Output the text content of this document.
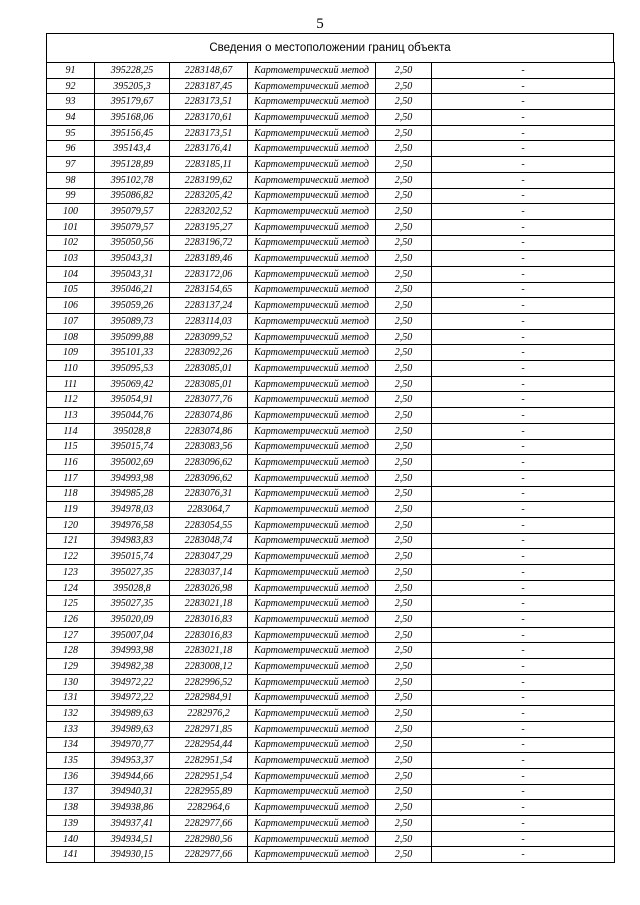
5
Сведения о местоположении границ объекта
91	395228,25	2283148,67	Картометрический метод	2,50	-
92	395205,3	2283187,45	Картометрический метод	2,50	-
93	395179,67	2283173,51	Картометрический метод	2,50	-
94	395168,06	2283170,61	Картометрический метод	2,50	-
95	395156,45	2283173,51	Картометрический метод	2,50	-
96	395143,4	2283176,41	Картометрический метод	2,50	-
97	395128,89	2283185,11	Картометрический метод	2,50	-
98	395102,78	2283199,62	Картометрический метод	2,50	-
99	395086,82	2283205,42	Картометрический метод	2,50	-
100	395079,57	2283202,52	Картометрический метод	2,50	-
101	395079,57	2283195,27	Картометрический метод	2,50	-
102	395050,56	2283196,72	Картометрический метод	2,50	-
103	395043,31	2283189,46	Картометрический метод	2,50	-
104	395043,31	2283172,06	Картометрический метод	2,50	-
105	395046,21	2283154,65	Картометрический метод	2,50	-
106	395059,26	2283137,24	Картометрический метод	2,50	-
107	395089,73	2283114,03	Картометрический метод	2,50	-
108	395099,88	2283099,52	Картометрический метод	2,50	-
109	395101,33	2283092,26	Картометрический метод	2,50	-
110	395095,53	2283085,01	Картометрический метод	2,50	-
111	395069,42	2283085,01	Картометрический метод	2,50	-
112	395054,91	2283077,76	Картометрический метод	2,50	-
113	395044,76	2283074,86	Картометрический метод	2,50	-
114	395028,8	2283074,86	Картометрический метод	2,50	-
115	395015,74	2283083,56	Картометрический метод	2,50	-
116	395002,69	2283096,62	Картометрический метод	2,50	-
117	394993,98	2283096,62	Картометрический метод	2,50	-
118	394985,28	2283076,31	Картометрический метод	2,50	-
119	394978,03	2283064,7	Картометрический метод	2,50	-
120	394976,58	2283054,55	Картометрический метод	2,50	-
121	394983,83	2283048,74	Картометрический метод	2,50	-
122	395015,74	2283047,29	Картометрический метод	2,50	-
123	395027,35	2283037,14	Картометрический метод	2,50	-
124	395028,8	2283026,98	Картометрический метод	2,50	-
125	395027,35	2283021,18	Картометрический метод	2,50	-
126	395020,09	2283016,83	Картометрический метод	2,50	-
127	395007,04	2283016,83	Картометрический метод	2,50	-
128	394993,98	2283021,18	Картометрический метод	2,50	-
129	394982,38	2283008,12	Картометрический метод	2,50	-
130	394972,22	2282996,52	Картометрический метод	2,50	-
131	394972,22	2282984,91	Картометрический метод	2,50	-
132	394989,63	2282976,2	Картометрический метод	2,50	-
133	394989,63	2282971,85	Картометрический метод	2,50	-
134	394970,77	2282954,44	Картометрический метод	2,50	-
135	394953,37	2282951,54	Картометрический метод	2,50	-
136	394944,66	2282951,54	Картометрический метод	2,50	-
137	394940,31	2282955,89	Картометрический метод	2,50	-
138	394938,86	2282964,6	Картометрический метод	2,50	-
139	394937,41	2282977,66	Картометрический метод	2,50	-
140	394934,51	2282980,56	Картометрический метод	2,50	-
141	394930,15	2282977,66	Картометрический метод	2,50	-
